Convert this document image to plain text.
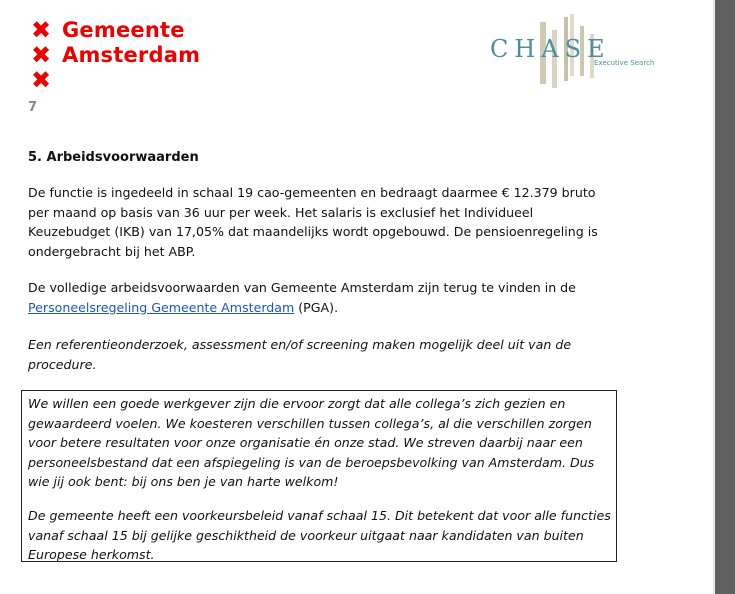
✖ Gemeente
✖ Amsterdam
✖
7
CHASE
Executive Search
5. Arbeidsvoorwaarden

De functie is ingedeeld in schaal 19 cao-gemeenten en bedraagt daarmee € 12.379 bruto per maand op basis van 36 uur per week. Het salaris is exclusief het Individueel Keuzebudget (IKB) van 17,05% dat maandelijks wordt opgebouwd. De pensioenregeling is ondergebracht bij het ABP.

De volledige arbeidsvoorwaarden van Gemeente Amsterdam zijn terug te vinden in de Personeelsregeling Gemeente Amsterdam (PGA).

Een referentieonderzoek, assessment en/of screening maken mogelijk deel uit van de procedure.

We willen een goede werkgever zijn die ervoor zorgt dat alle collega’s zich gezien en gewaardeerd voelen. We koesteren verschillen tussen collega’s, al die verschillen zorgen voor betere resultaten voor onze organisatie én onze stad. We streven daarbij naar een personeelsbestand dat een afspiegeling is van de beroepsbevolking van Amsterdam. Dus wie jij ook bent: bij ons ben je van harte welkom!

De gemeente heeft een voorkeursbeleid vanaf schaal 15. Dit betekent dat voor alle functies vanaf schaal 15 bij gelijke geschiktheid de voorkeur uitgaat naar kandidaten van buiten Europese herkomst.
